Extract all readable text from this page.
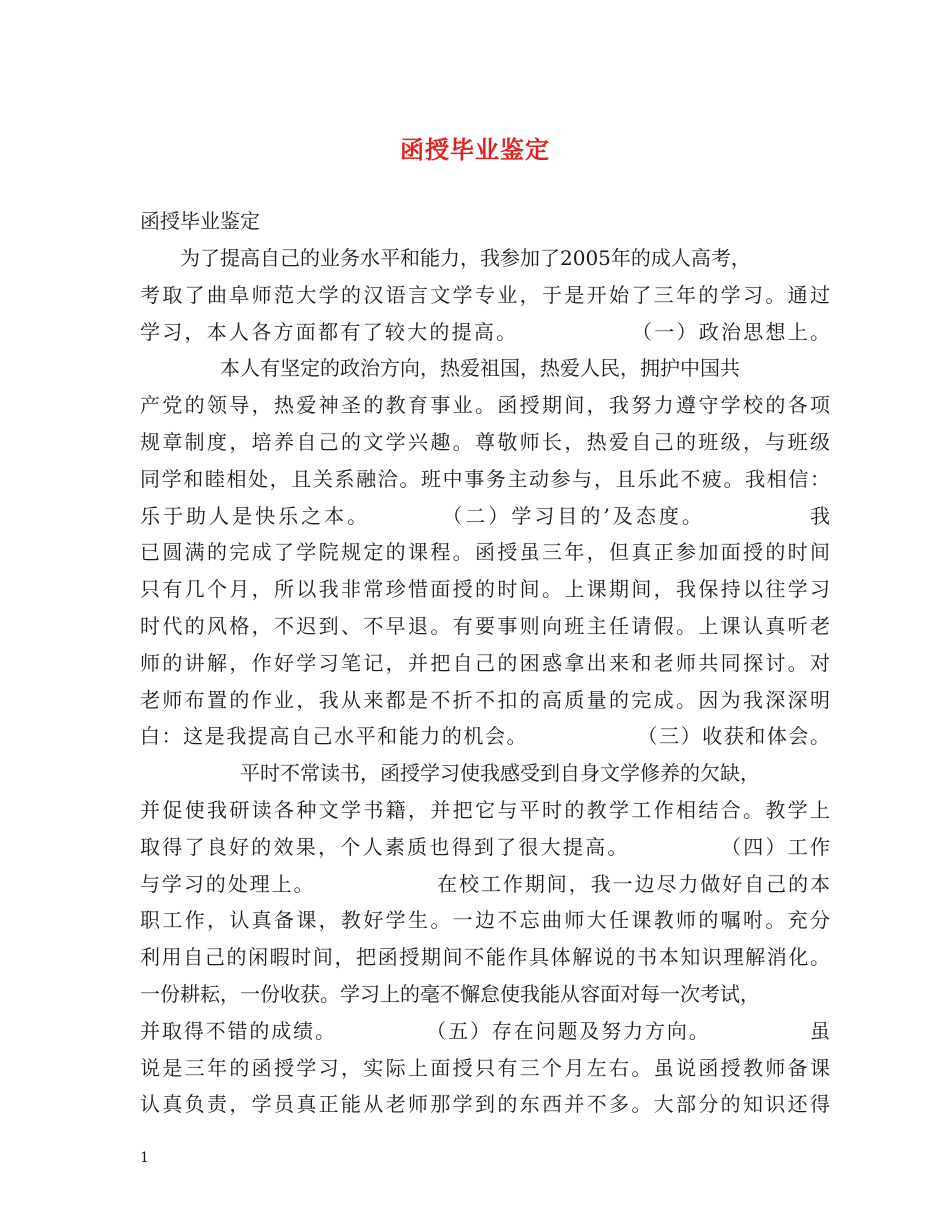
函授毕业鉴定
函授毕业鉴定
　　为了提高自己的业务水平和能力，我参加了2005年的成人高考，
考取了曲阜师范大学的汉语言文学专业，于是开始了三年的学习。通过
学习，本人各方面都有了较大的提高。　　　　　　（一）政治思想上。
　　　　本人有坚定的政治方向，热爱祖国，热爱人民，拥护中国共
产党的领导，热爱神圣的教育事业。函授期间，我努力遵守学校的各项
规章制度，培养自己的文学兴趣。尊敬师长，热爱自己的班级，与班级
同学和睦相处，且关系融洽。班中事务主动参与，且乐此不疲。我相信：
乐于助人是快乐之本。　　　　（二）学习目的’及态度。　　　　　我
已圆满的完成了学院规定的课程。函授虽三年，但真正参加面授的时间
只有几个月，所以我非常珍惜面授的时间。上课期间，我保持以往学习
时代的风格，不迟到、不早退。有要事则向班主任请假。上课认真听老
师的讲解，作好学习笔记，并把自己的困惑拿出来和老师共同探讨。对
老师布置的作业，我从来都是不折不扣的高质量的完成。因为我深深明
白：这是我提高自己水平和能力的机会。　　　　　　（三）收获和体会。
　　　　　平时不常读书，函授学习使我感受到自身文学修养的欠缺，
并促使我研读各种文学书籍，并把它与平时的教学工作相结合。教学上
取得了良好的效果，个人素质也得到了很大提高。　　　　　（四）工作
与学习的处理上。　　　　　　在校工作期间，我一边尽力做好自己的本
职工作，认真备课，教好学生。一边不忘曲师大任课教师的嘱咐。充分
利用自己的闲暇时间，把函授期间不能作具体解说的书本知识理解消化。
一份耕耘，一份收获。学习上的毫不懈怠使我能从容面对每一次考试，
并取得不错的成绩。　　　　　（五）存在问题及努力方向。　　　　　虽
说是三年的函授学习，实际上面授只有三个月左右。虽说函授教师备课
认真负责，学员真正能从老师那学到的东西并不多。大部分的知识还得
1
